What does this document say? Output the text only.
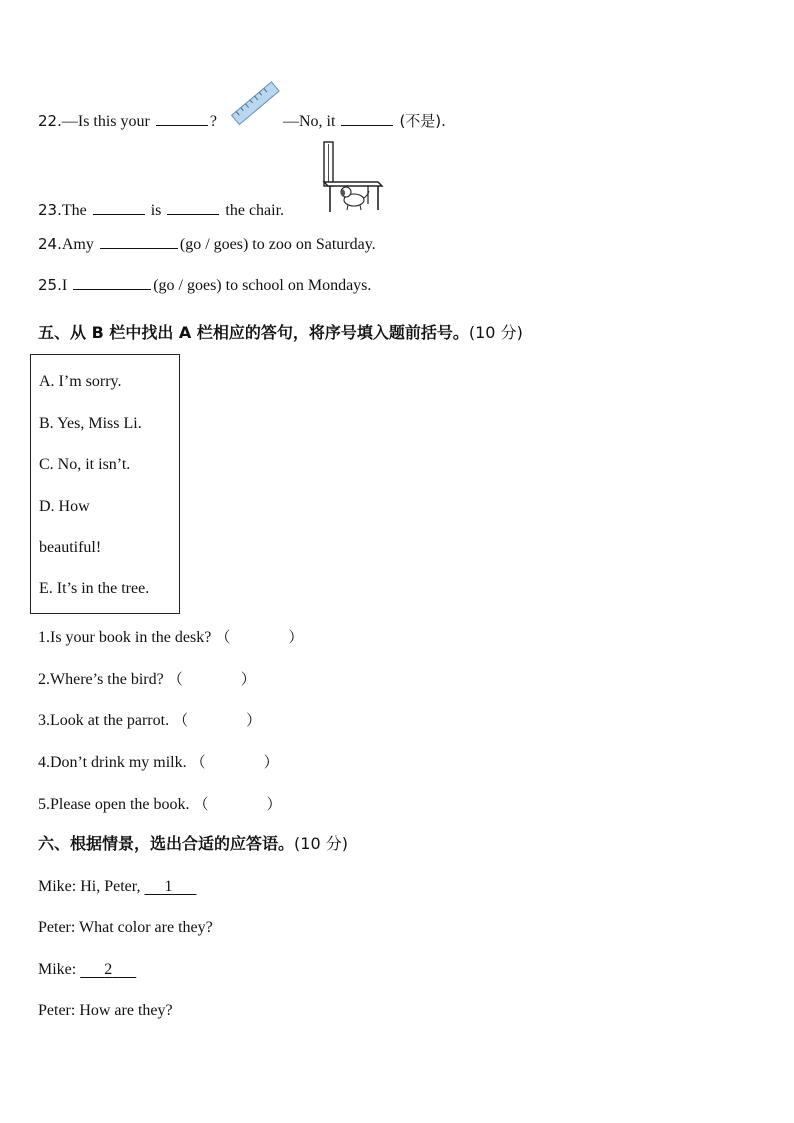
22.—Is this your	?	—No, it	(不是).
23.The	is	the chair.
24.Amy	(go / goes) to zoo on Saturday.
25.I	(go / goes) to school on Mondays.
五、从 B 栏中找出 A 栏相应的答句，将序号填入题前括号。(10 分)
A. I’m sorry.
B. Yes, Miss Li.
C. No, it isn’t.
D. How
beautiful!
E. It’s in the tree.
1.Is your book in the desk? （	）
2.Where’s the bird? （	）
3.Look at the parrot. （	）
4.Don’t drink my milk. （	）
5.Please open the book. （	）
六、根据情景，选出合适的应答语。(10 分)
Mike: Hi, Peter, 1
Peter: What color are they?
Mike: 2
Peter: How are they?
